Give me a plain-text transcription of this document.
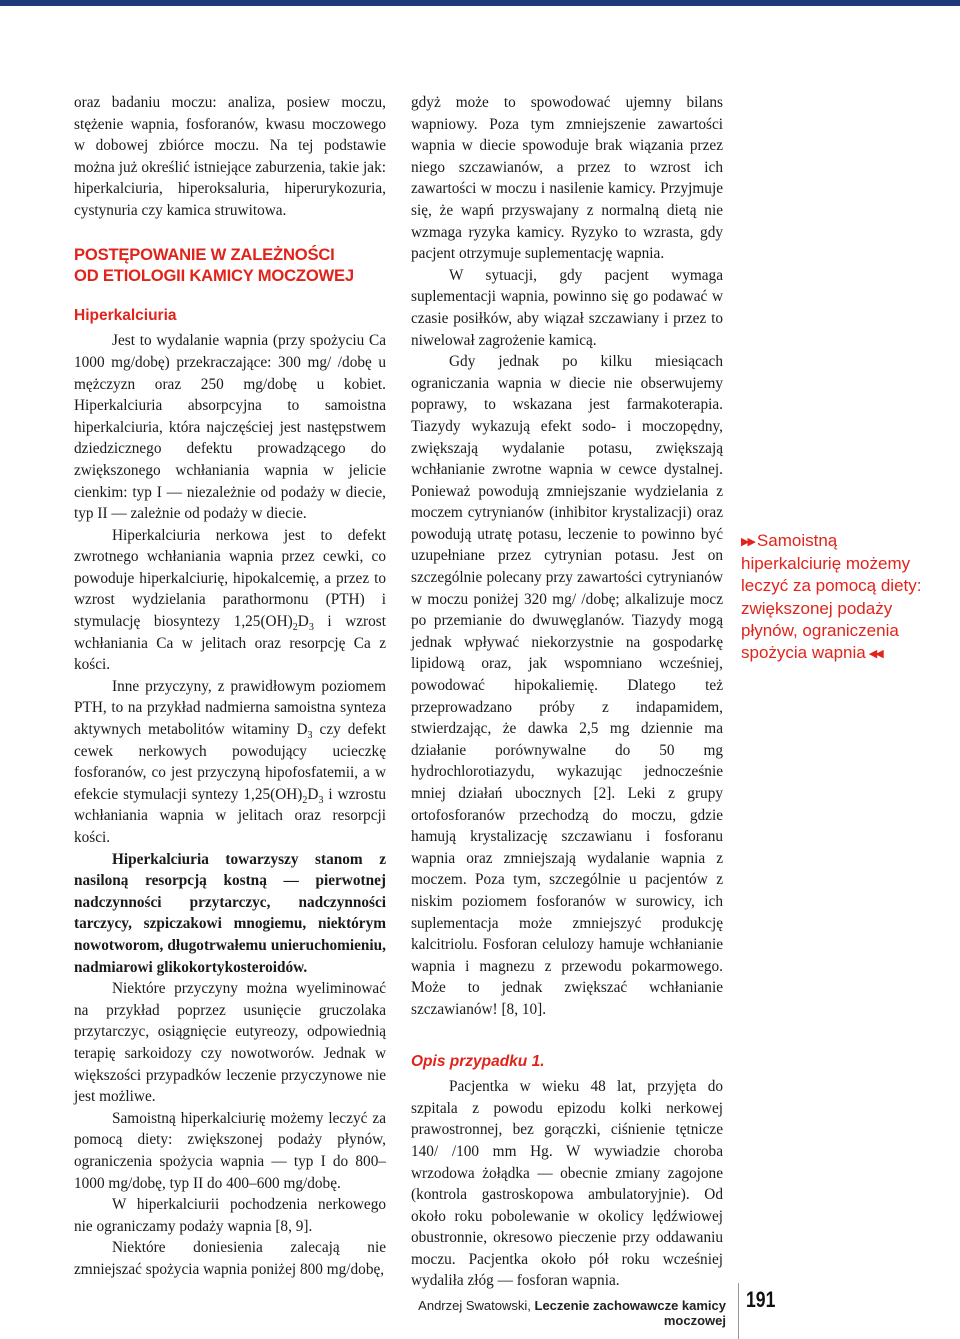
oraz badaniu moczu: analiza, posiew moczu, stężenie wapnia, fosforanów, kwasu moczowego w dobowej zbiórce moczu. Na tej podstawie można już określić istniejące zaburzenia, takie jak: hiperkalciuria, hiperoksaluria, hiperurykozuria, cystynuria czy kamica struwitowa.

POSTĘPOWANIE W ZALEŻNOŚCI
OD ETIOLOGII KAMICY MOCZOWEJ
Hiperkalciuria

Jest to wydalanie wapnia (przy spożyciu Ca 1000 mg/dobę) przekraczające: 300 mg/ /dobę u mężczyzn oraz 250 mg/dobę u kobiet. Hiperkalciuria absorpcyjna to samoistna hiperkalciuria, która najczęściej jest następstwem dziedzicznego defektu prowadzącego do zwiększonego wchłaniania wapnia w jelicie cienkim: typ I — niezależnie od podaży w diecie, typ II — zależnie od podaży w diecie.

Hiperkalciuria nerkowa jest to defekt zwrotnego wchłaniania wapnia przez cewki, co powoduje hiperkalciurię, hipokalcemię, a przez to wzrost wydzielania parathormonu (PTH) i stymulację biosyntezy $1,25(OH)_2D_3$ i wzrost wchłaniania Ca w jelitach oraz resorpcję Ca z kości.

Inne przyczyny, z prawidłowym poziomem PTH, to na przykład nadmierna samoistna synteza aktywnych metabolitów witaminy $D_3$ czy defekt cewek nerkowych powodujący ucieczkę fosforanów, co jest przyczyną hipofosfatemii, a w efekcie stymulacji syntezy $1,25(OH)_2D_3$ i wzrostu wchłaniania wapnia w jelitach oraz resorpcji kości.

Hiperkalciuria towarzyszy stanom z nasiloną resorpcją kostną — pierwotnej nadczynności przytarczyc, nadczynności tarczycy, szpiczakowi mnogiemu, niektórym nowotworom, długotrwałemu unieruchomieniu, nadmiarowi glikokortykosteroidów.

Niektóre przyczyny można wyeliminować na przykład poprzez usunięcie gruczolaka przytarczyc, osiągnięcie eutyreozy, odpowiednią terapię sarkoidozy czy nowotworów. Jednak w większości przypadków leczenie przyczynowe nie jest możliwe.

Samoistną hiperkalciurię możemy leczyć za pomocą diety: zwiększonej podaży płynów, ograniczenia spożycia wapnia — typ I do 800–1000 mg/dobę, typ II do 400–600 mg/dobę.

W hiperkalciurii pochodzenia nerkowego nie ograniczamy podaży wapnia [8, 9].

Niektóre doniesienia zalecają nie zmniejszać spożycia wapnia poniżej 800 mg/dobę,

gdyż może to spowodować ujemny bilans wapniowy. Poza tym zmniejszenie zawartości wapnia w diecie spowoduje brak wiązania przez niego szczawianów, a przez to wzrost ich zawartości w moczu i nasilenie kamicy. Przyjmuje się, że wapń przyswajany z normalną dietą nie wzmaga ryzyka kamicy. Ryzyko to wzrasta, gdy pacjent otrzymuje suplementację wapnia.

W sytuacji, gdy pacjent wymaga suplementacji wapnia, powinno się go podawać w czasie posiłków, aby wiązał szczawiany i przez to niwelował zagrożenie kamicą.

Gdy jednak po kilku miesiącach ograniczania wapnia w diecie nie obserwujemy poprawy, to wskazana jest farmakoterapia. Tiazydy wykazują efekt sodo- i moczopędny, zwiększają wydalanie potasu, zwiększają wchłanianie zwrotne wapnia w cewce dystalnej. Ponieważ powodują zmniejszanie wydzielania z moczem cytrynianów (inhibitor krystalizacji) oraz powodują utratę potasu, leczenie to powinno być uzupełniane przez cytrynian potasu. Jest on szczególnie polecany przy zawartości cytrynianów w moczu poniżej 320 mg/ /dobę; alkalizuje mocz po przemianie do dwuwęglanów. Tiazydy mogą jednak wpływać niekorzystnie na gospodarkę lipidową oraz, jak wspomniano wcześniej, powodować hipokaliemię. Dlatego też przeprowadzano próby z indapamidem, stwierdzając, że dawka 2,5 mg dziennie ma działanie porównywalne do 50 mg hydrochlorotiazydu, wykazując jednocześnie mniej działań ubocznych [2]. Leki z grupy ortofosforanów przechodzą do moczu, gdzie hamują krystalizację szczawianu i fosforanu wapnia oraz zmniejszają wydalanie wapnia z moczem. Poza tym, szczególnie u pacjentów z niskim poziomem fosforanów w surowicy, ich suplementacja może zmniejszyć produkcję kalcitriolu. Fosforan celulozy hamuje wchłanianie wapnia i magnezu z przewodu pokarmowego. Może to jednak zwiększać wchłanianie szczawianów! [8, 10].

Opis przypadku 1.

Pacjentka w wieku 48 lat, przyjęta do szpitala z powodu epizodu kolki nerkowej prawostronnej, bez gorączki, ciśnienie tętnicze 140/ /100 mm Hg. W wywiadzie choroba wrzodowa żołądka — obecnie zmiany zagojone (kontrola gastroskopowa ambulatoryjnie). Od około roku pobolewanie w okolicy lędźwiowej obustronnie, okresowo pieczenie przy oddawaniu moczu. Pacjentka około pół roku wcześniej wydaliła złóg — fosforan wapnia.

▶▶ Samoistną hiperkalciurię możemy leczyć za pomocą diety: zwiększonej podaży płynów, ograniczenia spożycia wapnia ◀◀
Andrzej Swatowski, Leczenie zachowawcze kamicy moczowej
191
